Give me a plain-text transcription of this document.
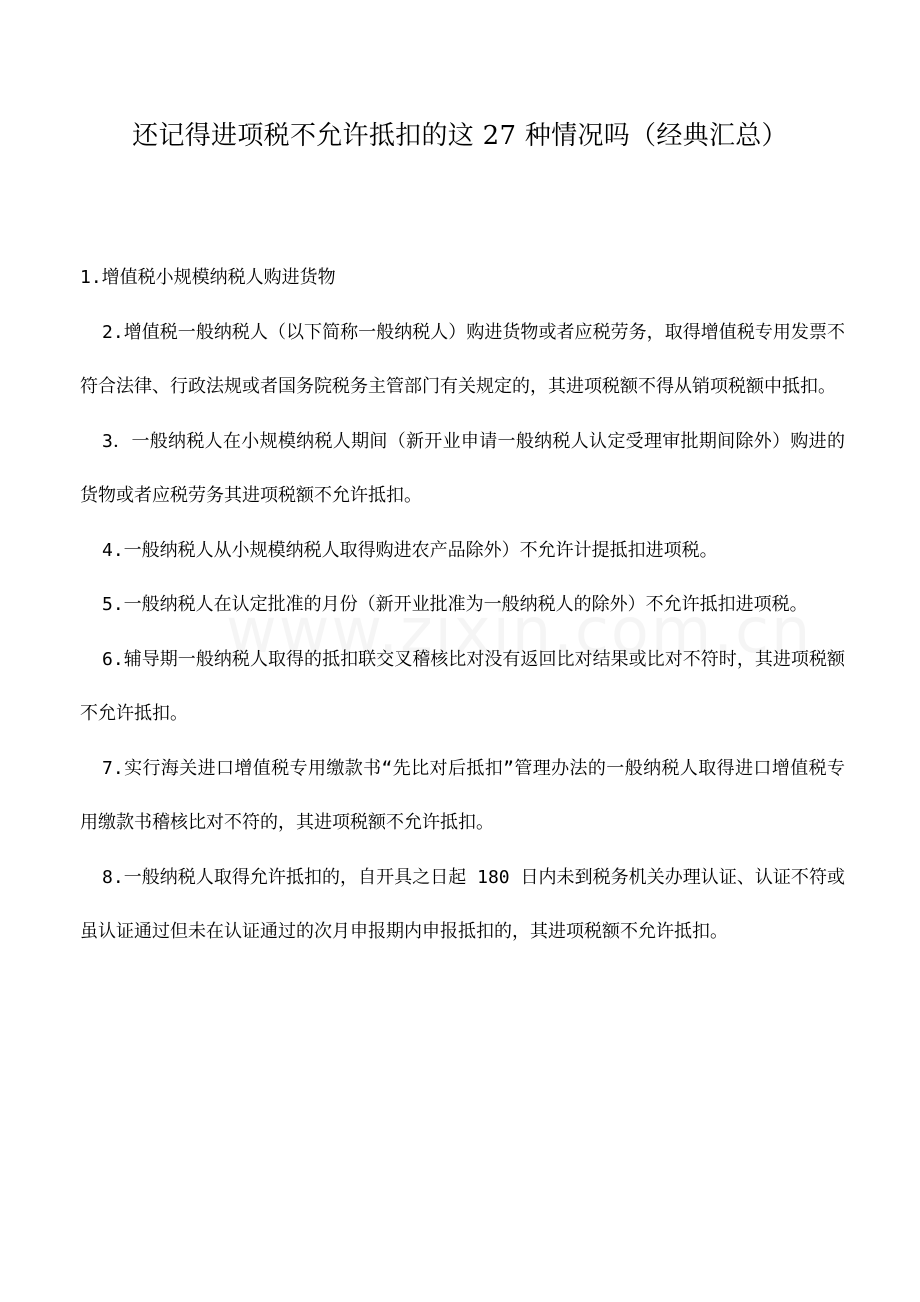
还记得进项税不允许抵扣的这 27 种情况吗（经典汇总）

1.增值税小规模纳税人购进货物

2.增值税一般纳税人（以下简称一般纳税人）购进货物或者应税劳务，取得增值税专用发票不符合法律、行政法规或者国务院税务主管部门有关规定的，其进项税额不得从销项税额中抵扣。

3．一般纳税人在小规模纳税人期间（新开业申请一般纳税人认定受理审批期间除外）购进的货物或者应税劳务其进项税额不允许抵扣。

4.一般纳税人从小规模纳税人取得购进农产品除外）不允许计提抵扣进项税。

5.一般纳税人在认定批准的月份（新开业批准为一般纳税人的除外）不允许抵扣进项税。

6.辅导期一般纳税人取得的抵扣联交叉稽核比对没有返回比对结果或比对不符时，其进项税额不允许抵扣。

7.实行海关进口增值税专用缴款书“先比对后抵扣”管理办法的一般纳税人取得进口增值税专用缴款书稽核比对不符的，其进项税额不允许抵扣。

8.一般纳税人取得允许抵扣的，自开具之日起 180 日内未到税务机关办理认证、认证不符或虽认证通过但未在认证通过的次月申报期内申报抵扣的，其进项税额不允许抵扣。
